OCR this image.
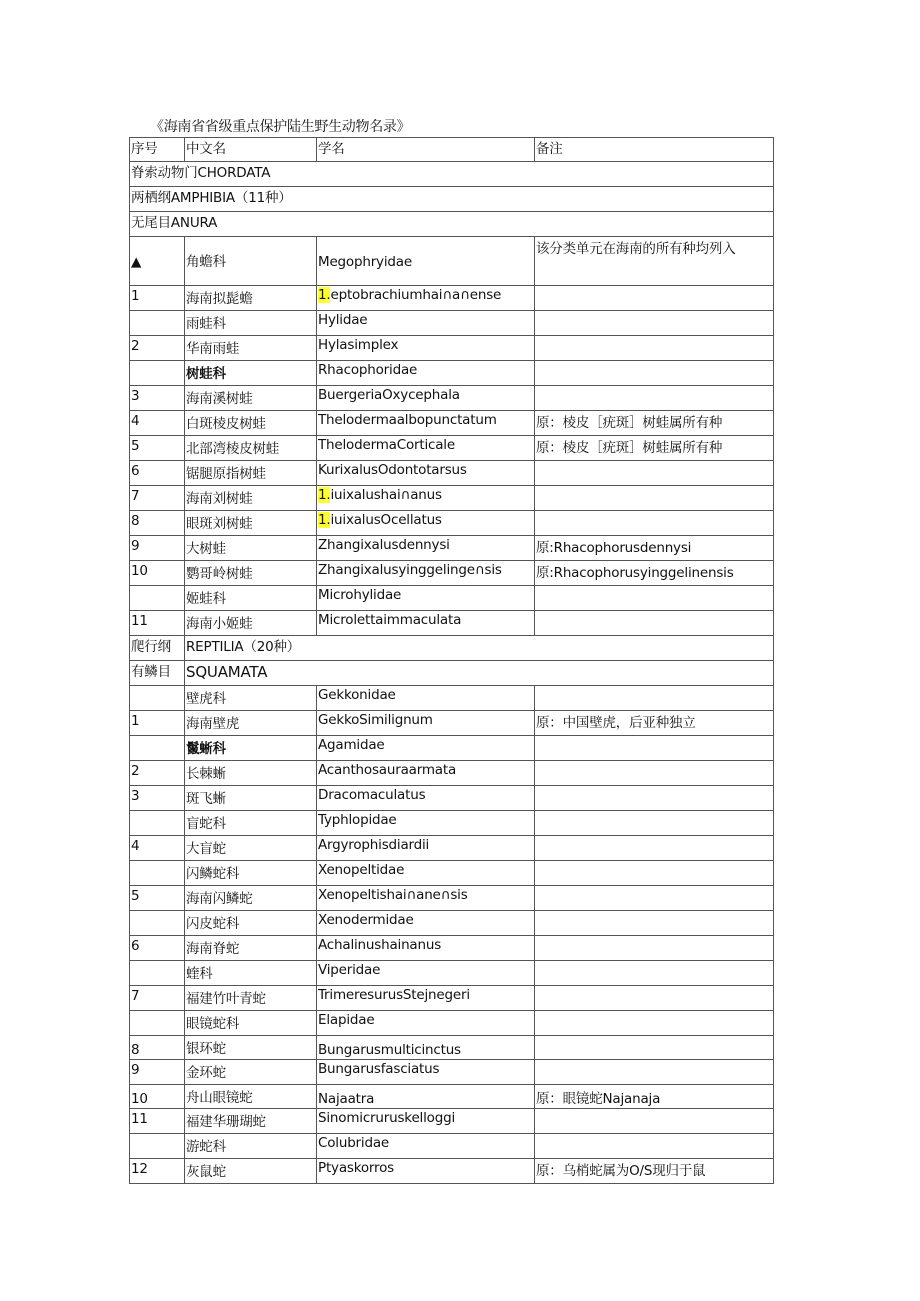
《海南省省级重点保护陆生野生动物名录》
序号	中文名	学名	备注
脊索动物门CHORDATA			
两栖纲AMPHIBIA（11种）			
无尾目ANURA			
▲	角蟾科	Megophryidae	该分类单元在海南的所有种均列入
1	海南拟髭蟾	1.eptobrachiumhai∩a∩ense	
	雨蛙科	Hylidae	
2	华南雨蛙	Hylasimplex	
	树蛙科	Rhacophoridae	
3	海南溪树蛙	BuergeriaOxycephala	
4	白斑棱皮树蛙	Thelodermaalbopunctatum	原：棱皮［疣斑］树蛙属所有种
5	北部湾棱皮树蛙	ThelodermaCorticale	原：棱皮［疣斑］树蛙属所有种
6	锯腿原指树蛙	KurixalusOdontotarsus	
7	海南刘树蛙	1.iuixalushai∩anus	
8	眼斑刘树蛙	1.iuixalusOcellatus	
9	大树蛙	Zhangixalusdennysi	原:Rhacophorusdennysi
10	鹦哥岭树蛙	Zhangixalusyinggelinge∩sis	原:Rhacophorusyinggelinensis
	姬蛙科	Microhylidae	
11	海南小姬蛙	Microlettaimmaculata	
爬行纲	REPTILIA（20种）		
有鳞目	SQUAMATA		
	壁虎科	Gekkonidae	
1	海南壁虎	GekkoSimilignum	原：中国壁虎，后亚种独立
	鬣蜥科	Agamidae	
2	长棘蜥	Acanthosauraarmata	
3	斑飞蜥	Dracomaculatus	
	盲蛇科	Typhlopidae	
4	大盲蛇	Argyrophisdiardii	
	闪鳞蛇科	Xenopeltidae	
5	海南闪鳞蛇	Xenopeltishai∩ane∩sis	
	闪皮蛇科	Xenodermidae	
6	海南脊蛇	Achalinushainanus	
	蝰科	Viperidae	
7	福建竹叶青蛇	TrimeresurusStejnegeri	
	眼镜蛇科	Elapidae	
8	银环蛇	Bungarusmulticinctus	
9	金环蛇	Bungarusfasciatus	
10	舟山眼镜蛇	Najaatra	原：眼镜蛇Najanaja
11	福建华珊瑚蛇	Sinomicruruskelloggi	
	游蛇科	Colubridae	
12	灰鼠蛇	Ptyaskorros	原：乌梢蛇属为O/S现归于鼠
